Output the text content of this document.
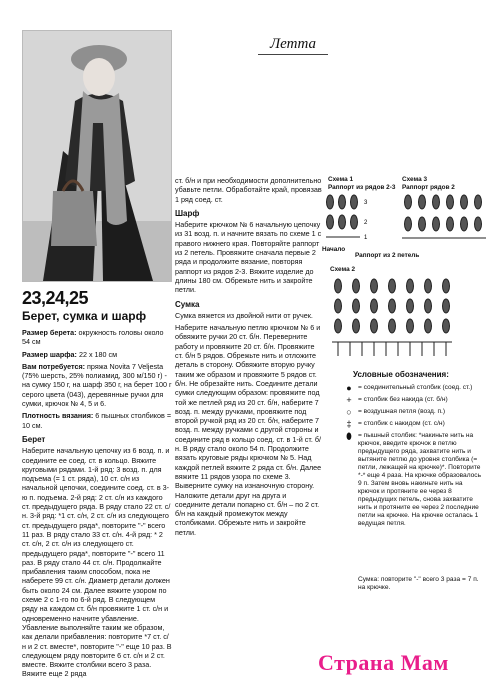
Летта
23,24,25
Берет, сумка и шарф

Размер берета: окружность головы около 54 см

Размер шарфа: 22 х 180 см

Вам потребуется: пряжа Novita 7 Veljesta (75% шерсть, 25% полиамид, 300 м/150 г) - на сумку 150 г, на шарф 350 г, на берет 100 г серого цвета (043), деревянные ручки для сумки, крючок № 4, 5 и 6.

Плотность вязания: 6 пышных столбиков = 10 см.

Берет

Наберите начальную цепочку из 6 возд. п. и соедините ее соед. ст. в кольцо. Вяжите круговыми рядами. 1-й ряд: 3 возд. п. для подъема (= 1 ст. ряда), 10 ст. с/н из начальной цепочки, соедините соед. ст. в 3-ю п. подъема. 2-й ряд: 2 ст. с/н из каждого ст. предыдущего ряда. В ряду стало 22 ст. с/н. 3-й ряд: *1 ст. с/н, 2 ст. с/н из следующего ст. предыдущего ряда*, повторите "-" всего 11 раз. В ряду стало 33 ст. с/н. 4-й ряд: * 2 ст. с/н, 2 ст. с/н из следующего ст. предыдущего ряда*, повторите "-" всего 11 раз. В ряду стало 44 ст. с/н. Продолжайте прибавления таким способом, пока не наберете 99 ст. с/н. Диаметр детали должен быть около 24 см. Далее вяжите узором по схеме 2 с 1-го по 6-й ряд. В следующем ряду на каждом ст. б/н провяжите 1 ст. с/н и одновременно начните убавление. Убавление выполняйте таким же образом, как делали прибавления: повторите *7 ст. с/н и 2 ст. вместе*, повторите "-" еще 10 раз. В следующем ряду повторите 6 ст. с/н и 2 ст. вместе. Вяжите столбики всего 3 раза. Вяжите еще 2 ряда

ст. б/н и при необходимости дополнительно убавьте петли. Обработайте край, провязав 1 ряд соед. ст.

Шарф

Наберите крючком № 6 начальную цепочку из 31 возд. п. и начните вязать по схеме 1 с правого нижнего края. Повторяйте раппорт из 2 петель. Провяжите сначала первые 2 ряда и продолжите вязание, повторяя раппорт из рядов 2-3. Вяжите изделие до длины 180 см. Обрежьте нить и закройте петли.

Сумка

Сумка вяжется из двойной нити от ручек.

Наберите начальную петлю крючком № 6 и обвяжите ручки 20 ст. б/н. Переверните работу и провяжите 20 ст. б/н. Провяжите ст. б/н 5 рядов. Обрежьте нить и отложите деталь в сторону. Обвяжите вторую ручку таким же образом и провяжите 5 рядов ст. б/н. Не обрезайте нить. Соедините детали сумки следующим образом: провяжите под той же петлей ряд из 20 ст. б/н, наберите 7 возд. п. между ручками, провяжите под второй ручкой ряд из 20 ст. б/н, наберите 7 возд. п. между ручками с другой стороны и соедините ряд в кольцо соед. ст. в 1-й ст. б/н. В ряду стало около 54 п. Продолжите вязать круговые ряды крючком № 5. Над каждой петлей вяжите 2 ряда ст. б/н. Далее вяжите 11 рядов узора по схеме 3. Выверните сумку на изнаночную сторону. Наложите детали друг на друга и соедините детали попарно ст. б/н – по 2 ст. б/н на каждый промежуток между столбиками. Обрежьте нить и закройте петли.

Схема 1
Раппорт из рядов 2-3
Схема 3
Раппорт рядов 2
Начало
Раппорт из 2 петель
Схема 2
3
2
1
Условные обозначения:
● = соединительный столбик (соед. ст.)
+ = столбик без накида (ст. б/н)
○ = воздушная петля (возд. п.)
‡ = столбик с накидом (ст. с/н)
⬮ = пышный столбик: *накиньте нить на крючок, введите крючок в петлю предыдущего ряда, захватите нить и вытяните петлю до уровня столбика (= петли, лежащей на крючке)*. Повторите *-* еще 4 раза. На крючке образовалось 9 п. Затем вновь накиньте нить на крючок и протяните ее через 8 предыдущих петель, снова захватите нить и протяните ее через 2 последние петли на крючке. На крючке осталась 1 ведущая петля.
Сумка: повторите "-" всего 3 раза = 7 п. на крючке.
Страна Мам
